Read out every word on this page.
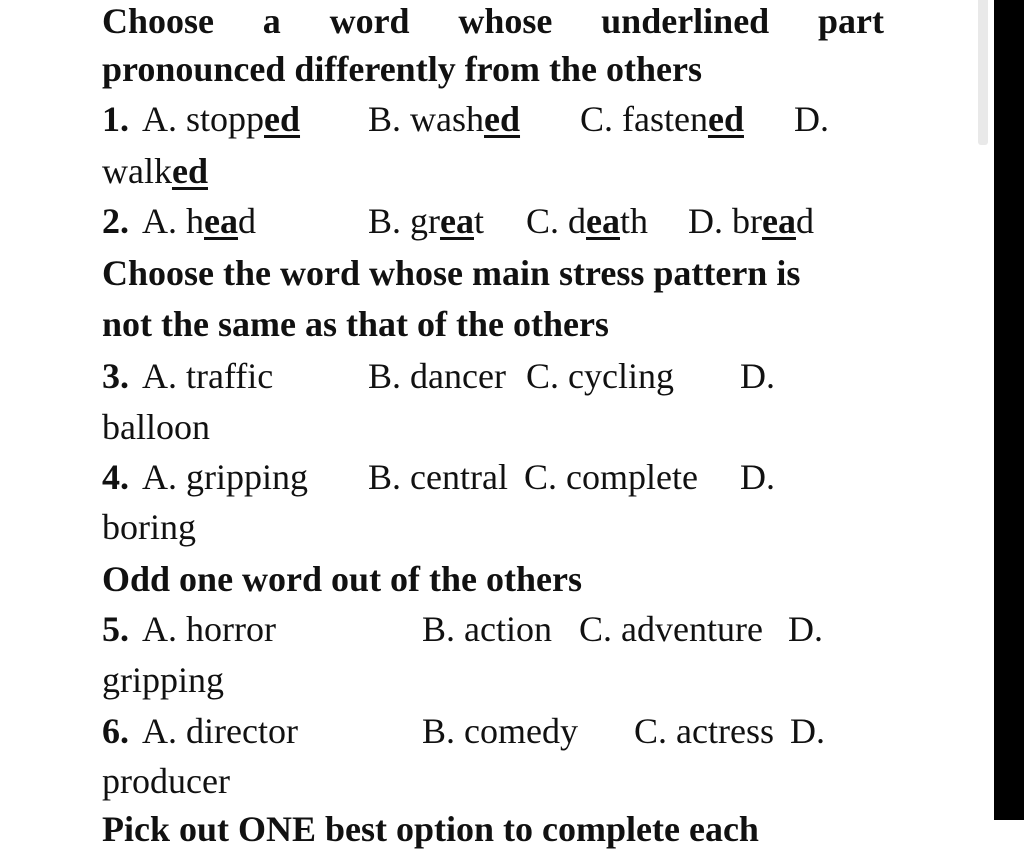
Choose a word whose underlined part
pronounced differently from the others
1. A. stopped B. washed C. fastened D.
walked
2. A. head	B. great C. death D. bread
Choose the word whose main stress pattern is
not the same as that of the others
3. A. traffic	B. dancer C. cycling D.
balloon
4. A. gripping B. central C. complete D.
boring
Odd one word out of the others
5. A. horror	B. action C. adventure D.
gripping
6. A. director	B. comedy C. actress D.
producer
Pick out ONE best option to complete each
